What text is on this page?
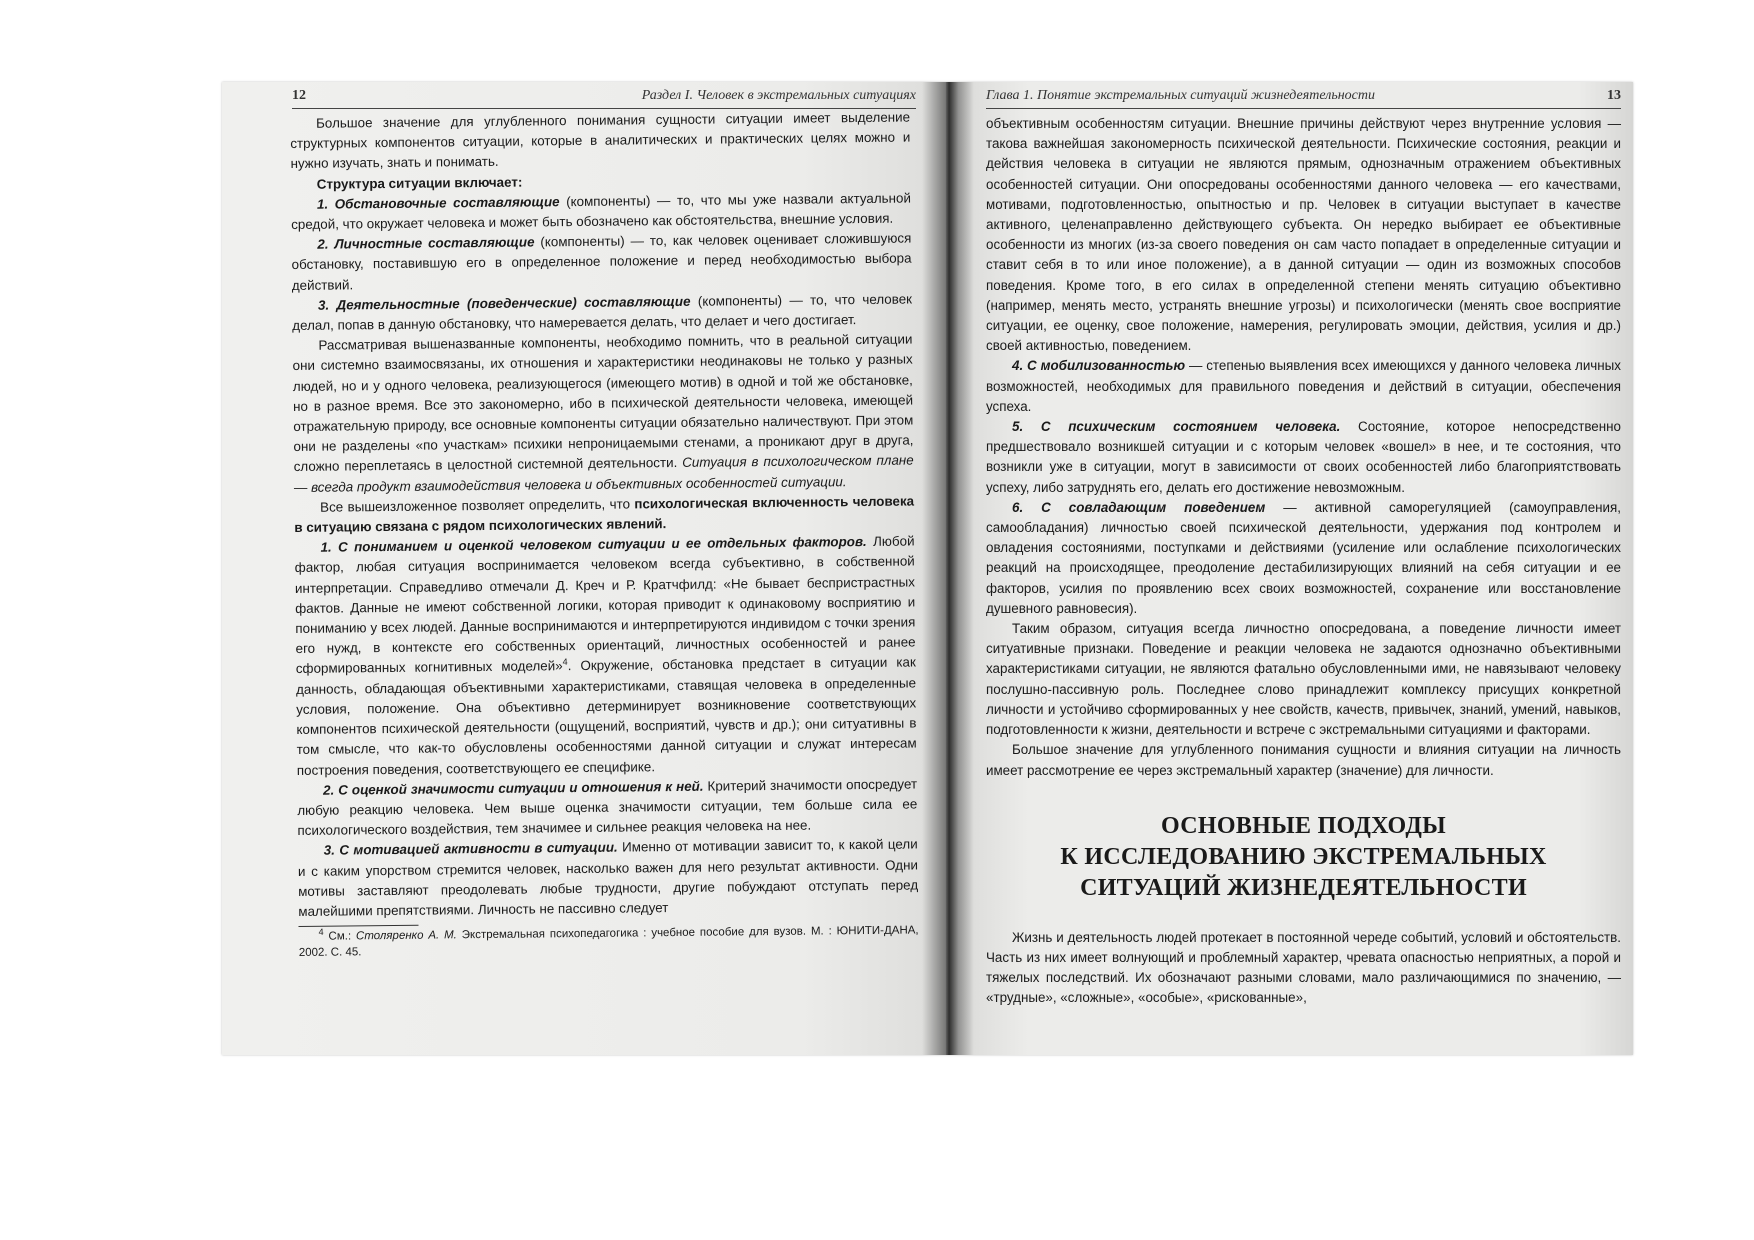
12	Раздел I. Человек в экстремальных ситуациях

Большое значение для углубленного понимания сущности ситуации имеет выделение структурных компонентов ситуации, которые в аналитических и практических целях можно и нужно изучать, знать и понимать.

Структура ситуации включает:

1. Обстановочные составляющие (компоненты) — то, что мы уже назвали актуальной средой, что окружает человека и может быть обозначено как обстоятельства, внешние условия.

2. Личностные составляющие (компоненты) — то, как человек оценивает сложившуюся обстановку, поставившую его в определенное положение и перед необходимостью выбора действий.

3. Деятельностные (поведенческие) составляющие (компоненты) — то, что человек делал, попав в данную обстановку, что намеревается делать, что делает и чего достигает.

Рассматривая вышеназванные компоненты, необходимо помнить, что в реальной ситуации они системно взаимосвязаны, их отношения и характеристики неодинаковы не только у разных людей, но и у одного человека, реализующегося (имеющего мотив) в одной и той же обстановке, но в разное время. Все это закономерно, ибо в психической деятельности человека, имеющей отражательную природу, все основные компоненты ситуации обязательно наличествуют. При этом они не разделены «по участкам» психики непроницаемыми стенами, а проникают друг в друга, сложно переплетаясь в целостной системной деятельности. Ситуация в психологическом плане — всегда продукт взаимодействия человека и объективных особенностей ситуации.

Все вышеизложенное позволяет определить, что психологическая включенность человека в ситуацию связана с рядом психологических явлений.

1. С пониманием и оценкой человеком ситуации и ее отдельных факторов. Любой фактор, любая ситуация воспринимается человеком всегда субъективно, в собственной интерпретации. Справедливо отмечали Д. Креч и Р. Кратчфилд: «Не бывает беспристрастных фактов. Данные не имеют собственной логики, которая приводит к одинаковому восприятию и пониманию у всех людей. Данные воспринимаются и интерпретируются индивидом с точки зрения его нужд, в контексте его собственных ориентаций, личностных особенностей и ранее сформированных когнитивных моделей»$^4$. Окружение, обстановка предстает в ситуации как данность, обладающая объективными характеристиками, ставящая человека в определенные условия, положение. Она объективно детерминирует возникновение соответствующих компонентов психической деятельности (ощущений, восприятий, чувств и др.); они ситуативны в том смысле, что как-то обусловлены особенностями данной ситуации и служат интересам построения поведения, соответствующего ее специфике.

2. С оценкой значимости ситуации и отношения к ней. Критерий значимости опосредует любую реакцию человека. Чем выше оценка значимости ситуации, тем больше сила ее психологического воздействия, тем значимее и сильнее реакция человека на нее.

3. С мотивацией активности в ситуации. Именно от мотивации зависит то, к какой цели и с каким упорством стремится человек, насколько важен для него результат активности. Одни мотивы заставляют преодолевать любые трудности, другие побуждают отступать перед малейшими препятствиями. Личность не пассивно следует

$^4$ См.: Столяренко А. М. Экстремальная психопедагогика : учебное пособие для вузов. М. : ЮНИТИ-ДАНА, 2002. С. 45.

Глава 1. Понятие экстремальных ситуаций жизнедеятельности	13

объективным особенностям ситуации. Внешние причины действуют через внутренние условия — такова важнейшая закономерность психической деятельности. Психические состояния, реакции и действия человека в ситуации не являются прямым, однозначным отражением объективных особенностей ситуации. Они опосредованы особенностями данного человека — его качествами, мотивами, подготовленностью, опытностью и пр. Человек в ситуации выступает в качестве активного, целенаправленно действующего субъекта. Он нередко выбирает ее объективные особенности из многих (из-за своего поведения он сам часто попадает в определенные ситуации и ставит себя в то или иное положение), а в данной ситуации — один из возможных способов поведения. Кроме того, в его силах в определенной степени менять ситуацию объективно (например, менять место, устранять внешние угрозы) и психологически (менять свое восприятие ситуации, ее оценку, свое положение, намерения, регулировать эмоции, действия, усилия и др.) своей активностью, поведением.

4. С мобилизованностью — степенью выявления всех имеющихся у данного человека личных возможностей, необходимых для правильного поведения и действий в ситуации, обеспечения успеха.

5. С психическим состоянием человека. Состояние, которое непосредственно предшествовало возникшей ситуации и с которым человек «вошел» в нее, и те состояния, что возникли уже в ситуации, могут в зависимости от своих особенностей либо благоприятствовать успеху, либо затруднять его, делать его достижение невозможным.

6. С совладающим поведением — активной саморегуляцией (самоуправления, самообладания) личностью своей психической деятельности, удержания под контролем и овладения состояниями, поступками и действиями (усиление или ослабление психологических реакций на происходящее, преодоление дестабилизирующих влияний на себя ситуации и ее факторов, усилия по проявлению всех своих возможностей, сохранение или восстановление душевного равновесия).

Таким образом, ситуация всегда личностно опосредована, а поведение личности имеет ситуативные признаки. Поведение и реакции человека не задаются однозначно объективными характеристиками ситуации, не являются фатально обусловленными ими, не навязывают человеку послушно-пассивную роль. Последнее слово принадлежит комплексу присущих конкретной личности и устойчиво сформированных у нее свойств, качеств, привычек, знаний, умений, навыков, подготовленности к жизни, деятельности и встрече с экстремальными ситуациями и факторами.

Большое значение для углубленного понимания сущности и влияния ситуации на личность имеет рассмотрение ее через экстремальный характер (значение) для личности.

ОСНОВНЫЕ ПОДХОДЫ
К ИССЛЕДОВАНИЮ ЭКСТРЕМАЛЬНЫХ
СИТУАЦИЙ ЖИЗНЕДЕЯТЕЛЬНОСТИ

Жизнь и деятельность людей протекает в постоянной череде событий, условий и обстоятельств. Часть из них имеет волнующий и проблемный характер, чревата опасностью неприятных, а порой и тяжелых последствий. Их обозначают разными словами, мало различающимися по значению, — «трудные», «сложные», «особые», «рискованные»,
